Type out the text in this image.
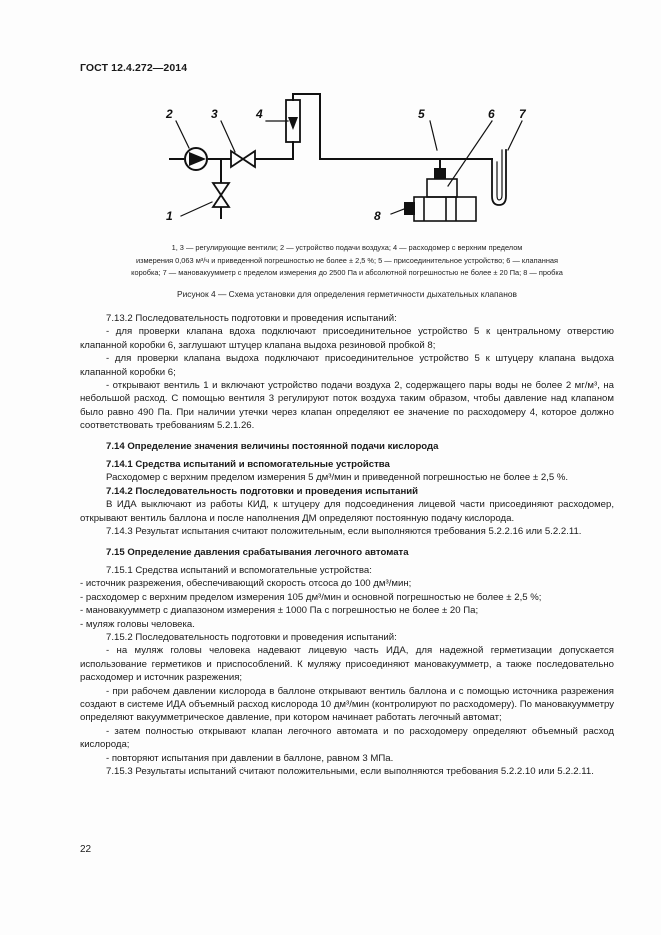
ГОСТ 12.4.272—2014
2	3	4
1
5	6 7
8
1, 3 — регулирующие вентили; 2 — устройство подачи воздуха; 4 — расходомер с верхним пределом
измерения 0,063 м³/ч и приведенной погрешностью не более ± 2,5 %; 5 — присоединительное устройство; 6 — клапанная
коробка; 7 — мановакуумметр с пределом измерения до 2500 Па и абсолютной погрешностью не более ± 20 Па; 8 — пробка
Рисунок 4 — Схема установки для определения герметичности дыхательных клапанов

7.13.2 Последовательность подготовки и проведения испытаний:

- для проверки клапана вдоха подключают присоединительное устройство 5 к центральному отверстию клапанной коробки 6, заглушают штуцер клапана выдоха резиновой пробкой 8;

- для проверки клапана выдоха подключают присоединительное устройство 5 к штуцеру клапана выдоха клапанной коробки 6;

- открывают вентиль 1 и включают устройство подачи воздуха 2, содержащего пары воды не более 2 мг/м³, на небольшой расход. С помощью вентиля 3 регулируют поток воздуха таким образом, чтобы давление над клапаном было равно 490 Па. При наличии утечки через клапан определяют ее значение по расходомеру 4, которое должно соответствовать требованиям 5.2.1.26.

7.14 Определение значения величины постоянной подачи кислорода

7.14.1 Средства испытаний и вспомогательные устройства

Расходомер с верхним пределом измерения 5 дм³/мин и приведенной погрешностью не более ± 2,5 %.

7.14.2 Последовательность подготовки и проведения испытаний

В ИДА выключают из работы КИД, к штуцеру для подсоединения лицевой части присоединяют расходомер, открывают вентиль баллона и после наполнения ДМ определяют постоянную подачу кислорода.

7.14.3 Результат испытания считают положительным, если выполняются требования 5.2.2.16 или 5.2.2.11.

7.15 Определение давления срабатывания легочного автомата

7.15.1 Средства испытаний и вспомогательные устройства:

- источник разрежения, обеспечивающий скорость отсоса до 100 дм³/мин;

- расходомер с верхним пределом измерения 105 дм³/мин и основной погрешностью не более ± 2,5 %;

- мановакуумметр с диапазоном измерения ± 1000 Па с погрешностью не более ± 20 Па;

- муляж головы человека.

7.15.2 Последовательность подготовки и проведения испытаний:

- на муляж головы человека надевают лицевую часть ИДА, для надежной герметизации допускается использование герметиков и приспособлений. К муляжу присоединяют мановакуумметр, а также последовательно расходомер и источник разрежения;

- при рабочем давлении кислорода в баллоне открывают вентиль баллона и с помощью источника разрежения создают в системе ИДА объемный расход кислорода 10 дм³/мин (контролируют по расходомеру). По мановакуумметру определяют вакуумметрическое давление, при котором начинает работать легочный автомат;

- затем полностью открывают клапан легочного автомата и по расходомеру определяют объемный расход кислорода;

- повторяют испытания при давлении в баллоне, равном 3 МПа.

7.15.3 Результаты испытаний считают положительными, если выполняются требования 5.2.2.10 или 5.2.2.11.

22
